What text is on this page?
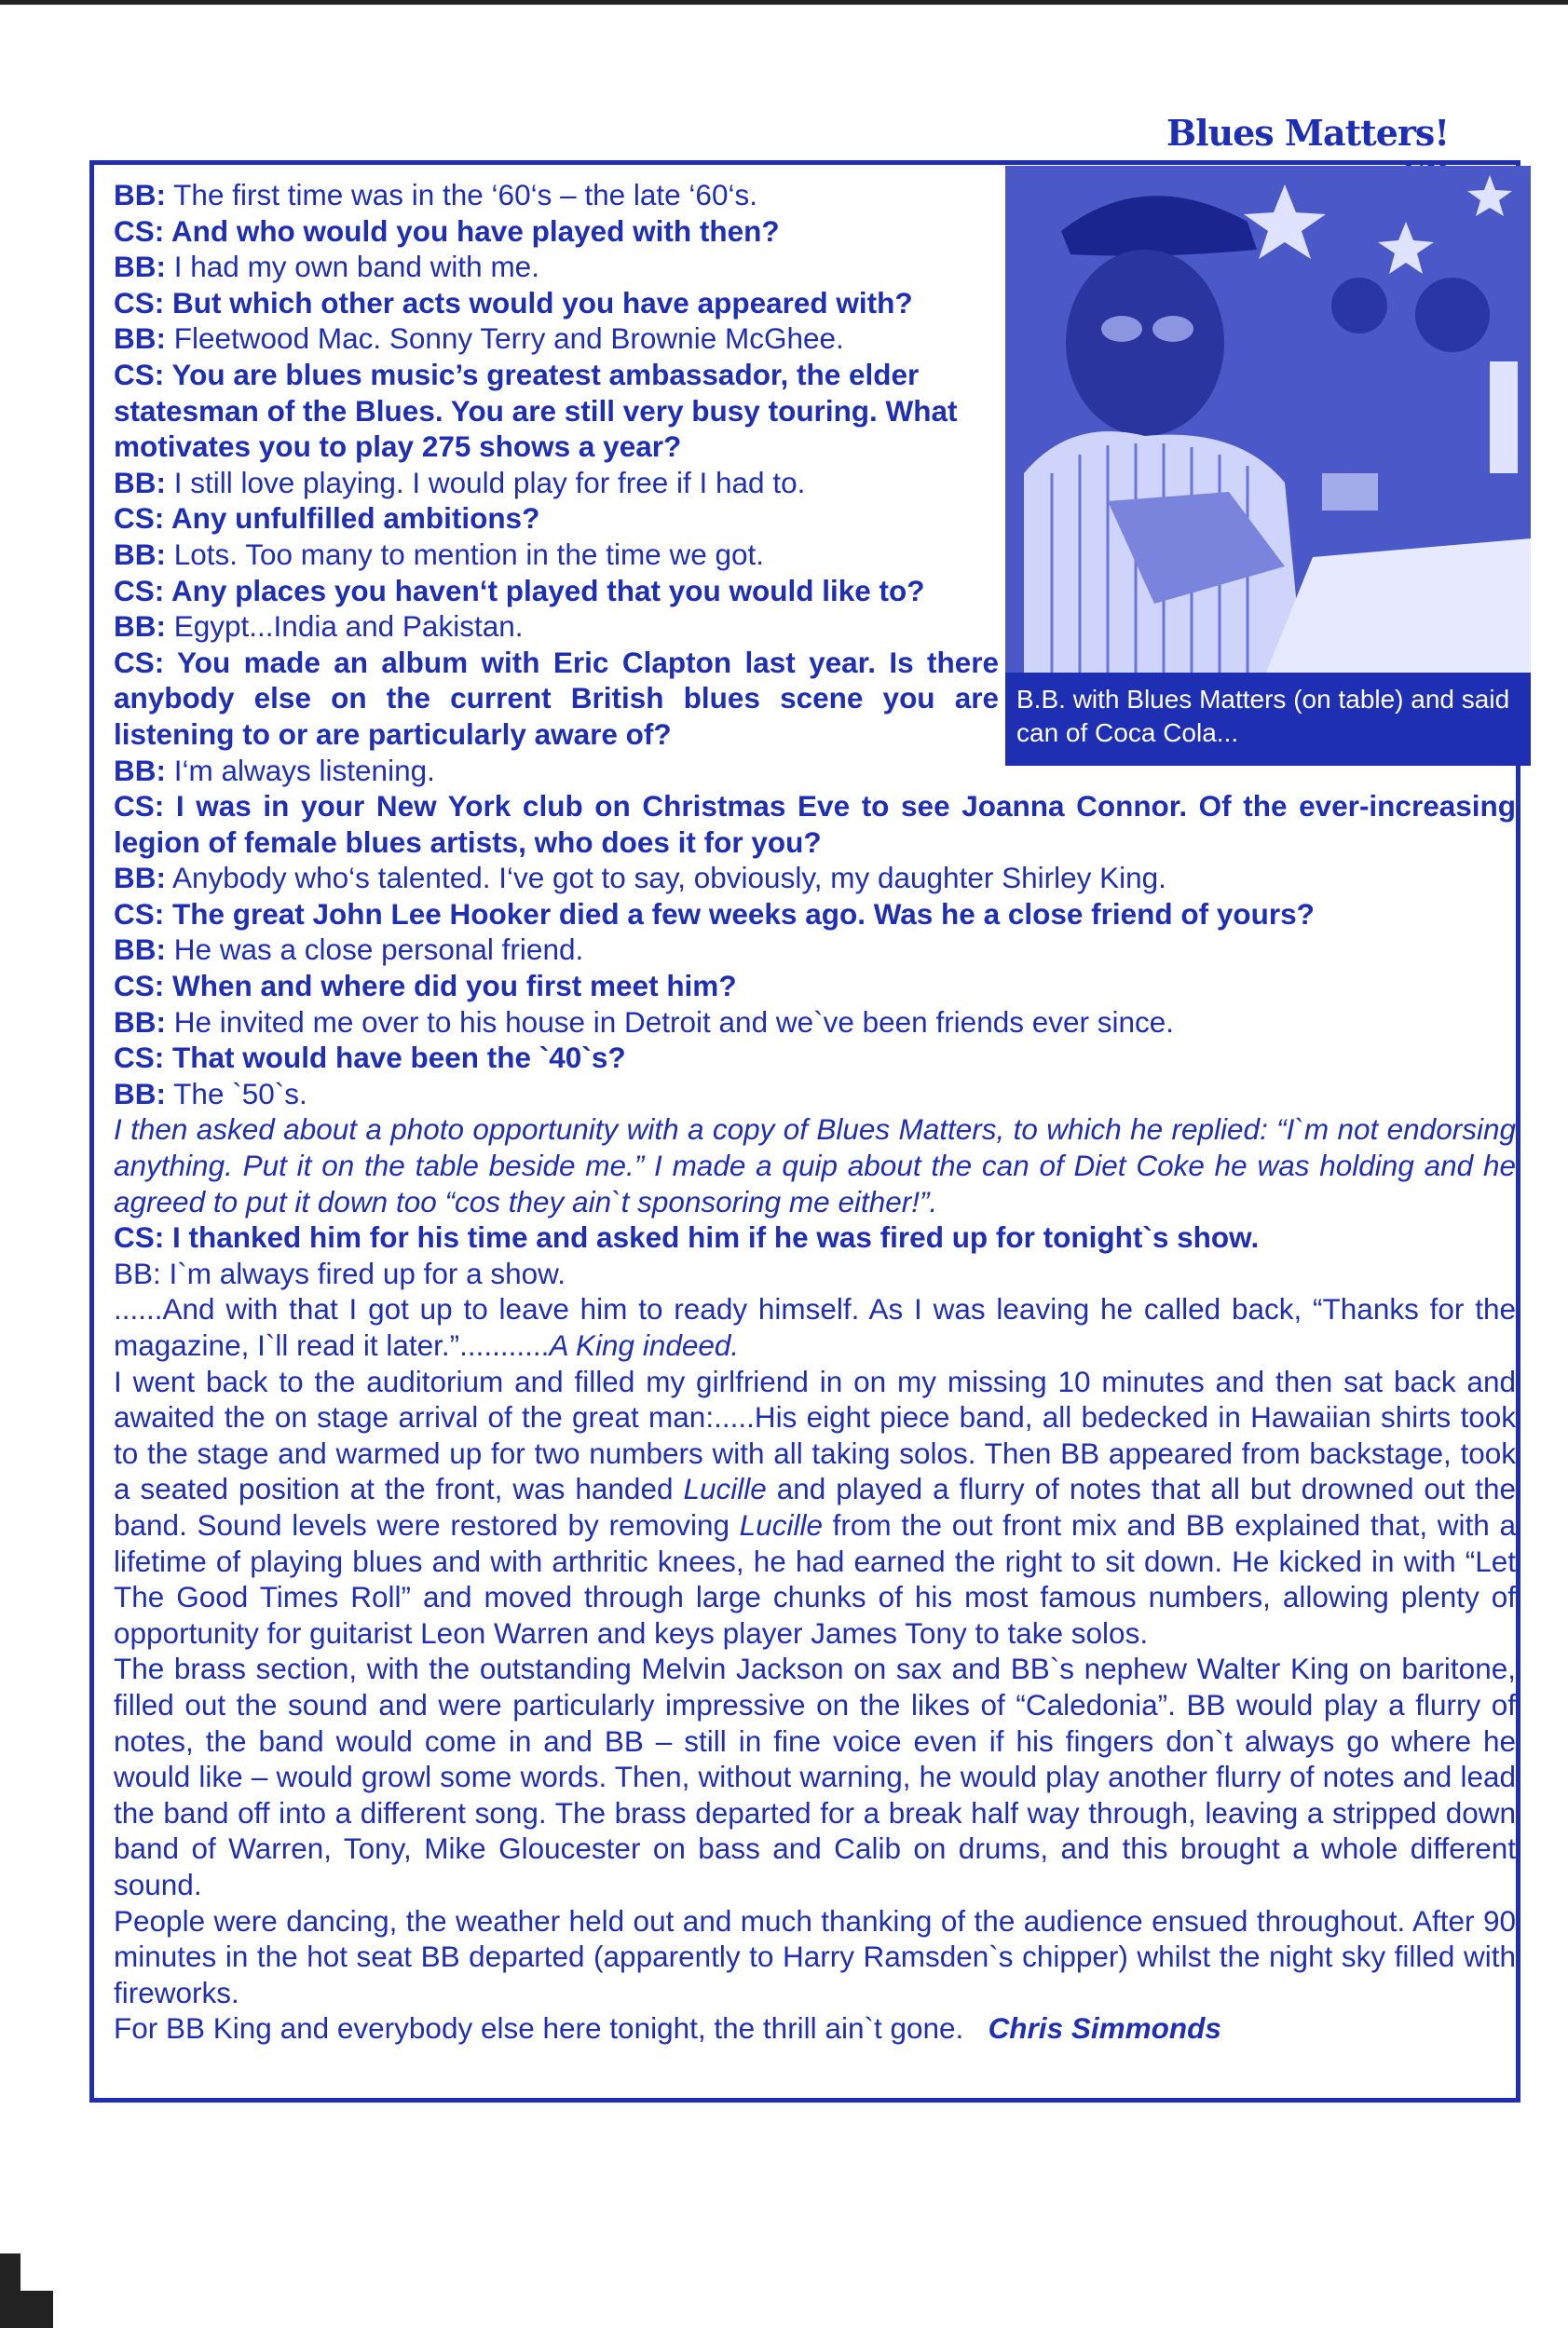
Blues Matters!
B.B. with Blues Matters (on table) and said can of Coca Cola...

BB: The first time was in the ‘60‘s – the late ‘60‘s.

CS: And who would you have played with then?

BB: I had my own band with me.

CS: But which other acts would you have appeared with?

BB: Fleetwood Mac. Sonny Terry and Brownie McGhee.

CS: You are blues music’s greatest ambassador, the elder statesman of the Blues. You are still very busy touring. What motivates you to play 275 shows a year?

BB: I still love playing. I would play for free if I had to.

CS: Any unfulfilled ambitions?

BB: Lots. Too many to mention in the time we got.

CS: Any places you haven‘t played that you would like to?

BB: Egypt...India and Pakistan.

CS: You made an album with Eric Clapton last year. Is there anybody else on the current British blues scene you are listening to or are particularly aware of?

BB: I‘m always listening.

CS: I was in your New York club on Christmas Eve to see Joanna Connor. Of the ever-increasing legion of female blues artists, who does it for you?

BB: Anybody who‘s talented. I‘ve got to say, obviously, my daughter Shirley King.

CS: The great John Lee Hooker died a few weeks ago. Was he a close friend of yours?

BB: He was a close personal friend.

CS: When and where did you first meet him?

BB: He invited me over to his house in Detroit and we`ve been friends ever since.

CS: That would have been the `40`s?

BB: The `50`s.

I then asked about a photo opportunity with a copy of Blues Matters, to which he replied: “I`m not endorsing anything. Put it on the table beside me.” I made a quip about the can of Diet Coke he was holding and he agreed to put it down too “cos they ain`t sponsoring me either!”.

CS: I thanked him for his time and asked him if he was fired up for tonight`s show.

BB: I`m always fired up for a show.

......And with that I got up to leave him to ready himself. As I was leaving he called back, “Thanks for the magazine, I`ll read it later.”...........A King indeed.

I went back to the auditorium and filled my girlfriend in on my missing 10 minutes and then sat back and awaited the on stage arrival of the great man:.....His eight piece band, all bedecked in Hawaiian shirts took to the stage and warmed up for two numbers with all taking solos. Then BB appeared from backstage, took a seated position at the front, was handed Lucille and played a flurry of notes that all but drowned out the band. Sound levels were restored by removing Lucille from the out front mix and BB explained that, with a lifetime of playing blues and with arthritic knees, he had earned the right to sit down. He kicked in with “Let The Good Times Roll” and moved through large chunks of his most famous numbers, allowing plenty of opportunity for guitarist Leon Warren and keys player James Tony to take solos.

The brass section, with the outstanding Melvin Jackson on sax and BB`s nephew Walter King on baritone, filled out the sound and were particularly impressive on the likes of “Caledonia”. BB would play a flurry of notes, the band would come in and BB – still in fine voice even if his fingers don`t always go where he would like – would growl some words. Then, without warning, he would play another flurry of notes and lead the band off into a different song. The brass departed for a break half way through, leaving a stripped down band of Warren, Tony, Mike Gloucester on bass and Calib on drums, and this brought a whole different sound.

People were dancing, the weather held out and much thanking of the audience ensued throughout. After 90 minutes in the hot seat BB departed (apparently to Harry Ramsden`s chipper) whilst the night sky filled with fireworks.

For BB King and everybody else here tonight, the thrill ain`t gone. Chris Simmonds
